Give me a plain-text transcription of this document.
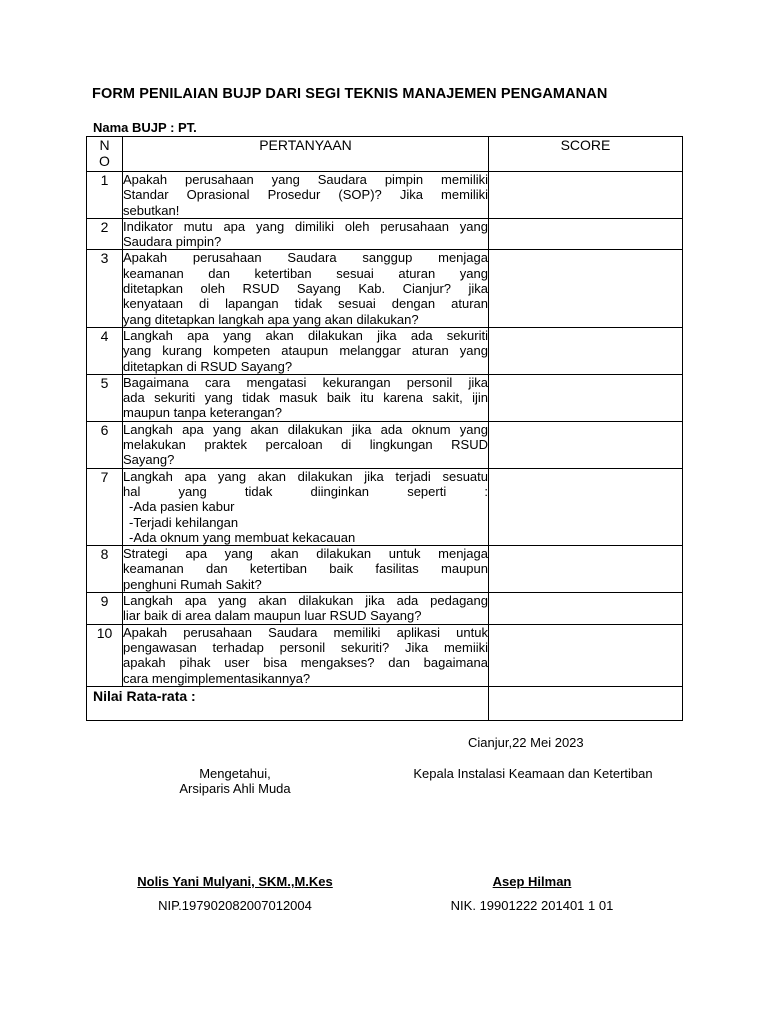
FORM PENILAIAN BUJP DARI SEGI TEKNIS MANAJEMEN PENGAMANAN
Nama BUJP : PT.
N
O	PERTANYAAN	SCORE
1	Apakah perusahaan yang Saudara pimpin memiliki
Standar Oprasional Prosedur (SOP)? Jika memiliki
sebutkan!	

2	Indikator mutu apa yang dimiliki oleh perusahaan yang
Saudara pimpin?	

3	Apakah perusahaan Saudara sanggup menjaga
keamanan dan ketertiban sesuai aturan yang
ditetapkan oleh RSUD Sayang Kab. Cianjur? jika
kenyataan di lapangan tidak sesuai dengan aturan
yang ditetapkan langkah apa yang akan dilakukan?	

4	Langkah apa yang akan dilakukan jika ada sekuriti
yang kurang kompeten ataupun melanggar aturan yang
ditetapkan di RSUD Sayang?	

5	Bagaimana cara mengatasi kekurangan personil jika
ada sekuriti yang tidak masuk baik itu karena sakit, ijin
maupun tanpa keterangan?	

6	Langkah apa yang akan dilakukan jika ada oknum yang
melakukan praktek percaloan di lingkungan RSUD
Sayang?	

7	Langkah apa yang akan dilakukan jika terjadi sesuatu
hal yang tidak diinginkan seperti :
-Ada pasien kabur
-Terjadi kehilangan
-Ada oknum yang membuat kekacauan	

8	Strategi apa yang akan dilakukan untuk menjaga
keamanan dan ketertiban baik fasilitas maupun
penghuni Rumah Sakit?	

9	Langkah apa yang akan dilakukan jika ada pedagang
liar baik di area dalam maupun luar RSUD Sayang?	

10	Apakah perusahaan Saudara memiliki aplikasi untuk
pengawasan terhadap personil sekuriti? Jika memiiki
apakah pihak user bisa mengakses? dan bagaimana
cara mengimplementasikannya?	

Nilai Rata-rata :		

Cianjur,22 Mei 2023
Mengetahui,
Arsiparis Ahli Muda
Kepala Instalasi Keamaan dan Ketertiban
Nolis Yani Mulyani, SKM.,M.Kes
NIP.197902082007012004
Asep Hilman
NIK. 19901222 201401 1 01
